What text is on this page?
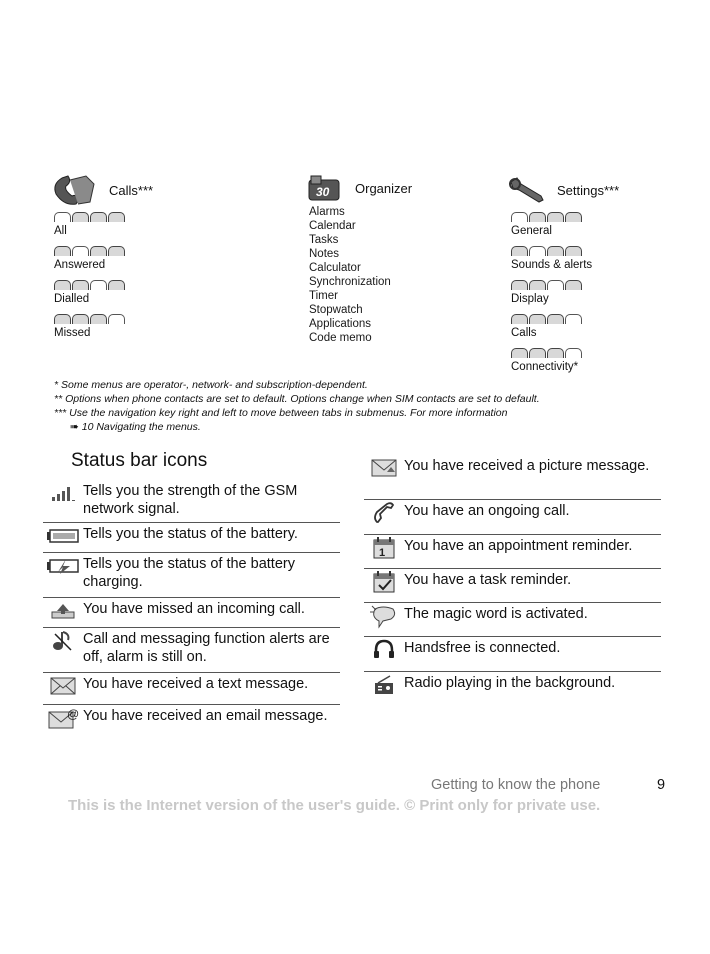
Calls***
All
Answered
Dialled
Missed
30 Organizer
Alarms
Calendar
Tasks
Notes
Calculator
Synchronization
Timer
Stopwatch
Applications
Code memo
Settings***
General
Sounds & alerts
Display
Calls
Connectivity*
* Some menus are operator-, network- and subscription-dependent.
** Options when phone contacts are set to default. Options change when SIM contacts are set to default.
*** Use the navigation key right and left to move between tabs in submenus. For more information
➠ 10 Navigating the menus.
Status bar icons
Tells you the strength of the GSM network signal.
Tells you the status of the battery.
Tells you the status of the battery charging.
You have missed an incoming call.
Call and messaging function alerts are off, alarm is still on.
You have received a text message.
@ You have received an email message.
You have received a picture message.
You have an ongoing call.
1 You have an appointment reminder.
You have a task reminder.
The magic word is activated.
Handsfree is connected.
Radio playing in the background.
Getting to know the phone	9
This is the Internet version of the user's guide. © Print only for private use.
